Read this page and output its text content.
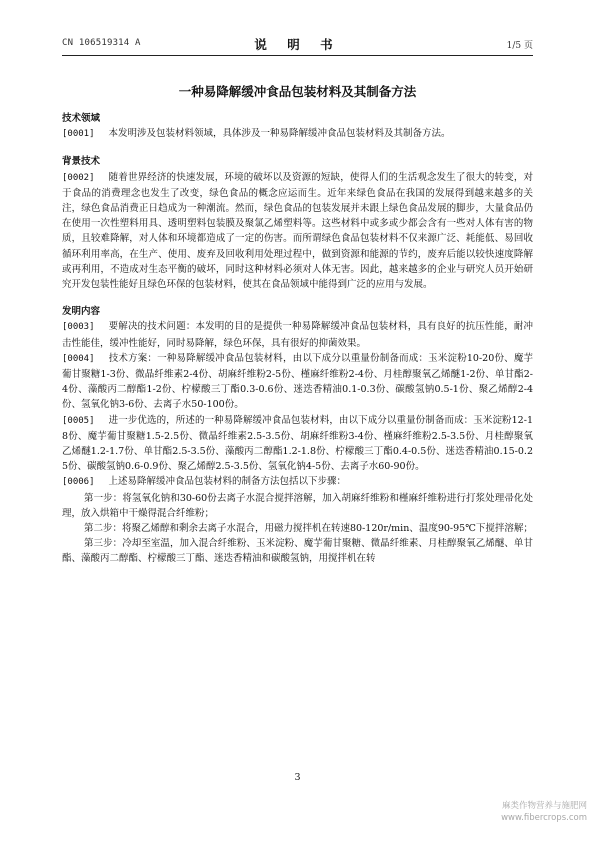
CN 106519314 A	说 明 书	1/5 页
一种易降解缓冲食品包装材料及其制备方法
技术领域

[0001] 本发明涉及包装材料领域，具体涉及一种易降解缓冲食品包装材料及其制备方法。

背景技术

[0002] 随着世界经济的快速发展，环境的破坏以及资源的短缺，使得人们的生活观念发生了很大的转变，对于食品的消费理念也发生了改变，绿色食品的概念应运而生。近年来绿色食品在我国的发展得到越来越多的关注，绿色食品消费正日趋成为一种潮流。然而，绿色食品的包装发展并未跟上绿色食品发展的脚步，大量食品仍在使用一次性塑料用具、透明塑料包装膜及聚氯乙烯塑料等。这些材料中或多或少都会含有一些对人体有害的物质，且较难降解，对人体和环境都造成了一定的伤害。而所谓绿色食品包装材料不仅来源广泛、耗能低、易回收循环利用率高，在生产、使用、废弃及回收利用处理过程中，做到资源和能源的节约，废弃后能以较快速度降解或再利用，不造成对生态平衡的破坏，同时这种材料必须对人体无害。因此，越来越多的企业与研究人员开始研究开发包装性能好且绿色环保的包装材料，使其在食品领域中能得到广泛的应用与发展。

发明内容

[0003] 要解决的技术问题：本发明的目的是提供一种易降解缓冲食品包装材料，具有良好的抗压性能，耐冲击性能佳，缓冲性能好，同时易降解，绿色环保，具有很好的抑菌效果。

[0004] 技术方案：一种易降解缓冲食品包装材料，由以下成分以重量份制备而成：玉米淀粉10-20份、魔芋葡甘聚糖1-3份、微晶纤维素2-4份、胡麻纤维粉2-5份、槿麻纤维粉2-4份、月桂醇聚氧乙烯醚1-2份、单甘酯2-4份、藻酸丙二醇酯1-2份、柠檬酸三丁酯0.3-0.6份、迷迭香精油0.1-0.3份、碳酸氢钠0.5-1份、聚乙烯醇2-4份、氢氧化钠3-6份、去离子水50-100份。

[0005] 进一步优选的，所述的一种易降解缓冲食品包装材料，由以下成分以重量份制备而成：玉米淀粉12-18份、魔芋葡甘聚糖1.5-2.5份、微晶纤维素2.5-3.5份、胡麻纤维粉3-4份、槿麻纤维粉2.5-3.5份、月桂醇聚氧乙烯醚1.2-1.7份、单甘酯2.5-3.5份、藻酸丙二醇酯1.2-1.8份、柠檬酸三丁酯0.4-0.5份、迷迭香精油0.15-0.25份、碳酸氢钠0.6-0.9份、聚乙烯醇2.5-3.5份、氢氧化钠4-5份、去离子水60-90份。

[0006] 上述易降解缓冲食品包装材料的制备方法包括以下步骤：

第一步：将氢氧化钠和30-60份去离子水混合搅拌溶解，加入胡麻纤维粉和槿麻纤维粉进行打浆处理帚化处理，放入烘箱中干燥得混合纤维粉；

第二步：将聚乙烯醇和剩余去离子水混合，用磁力搅拌机在转速80-120r/min、温度90-95℃下搅拌溶解；

第三步：冷却至室温，加入混合纤维粉、玉米淀粉、魔芋葡甘聚糖、微晶纤维素、月桂醇聚氧乙烯醚、单甘酯、藻酸丙二醇酯、柠檬酸三丁酯、迷迭香精油和碳酸氢钠，用搅拌机在转

3
麻类作物营养与施肥网
www.fibercrops.com
